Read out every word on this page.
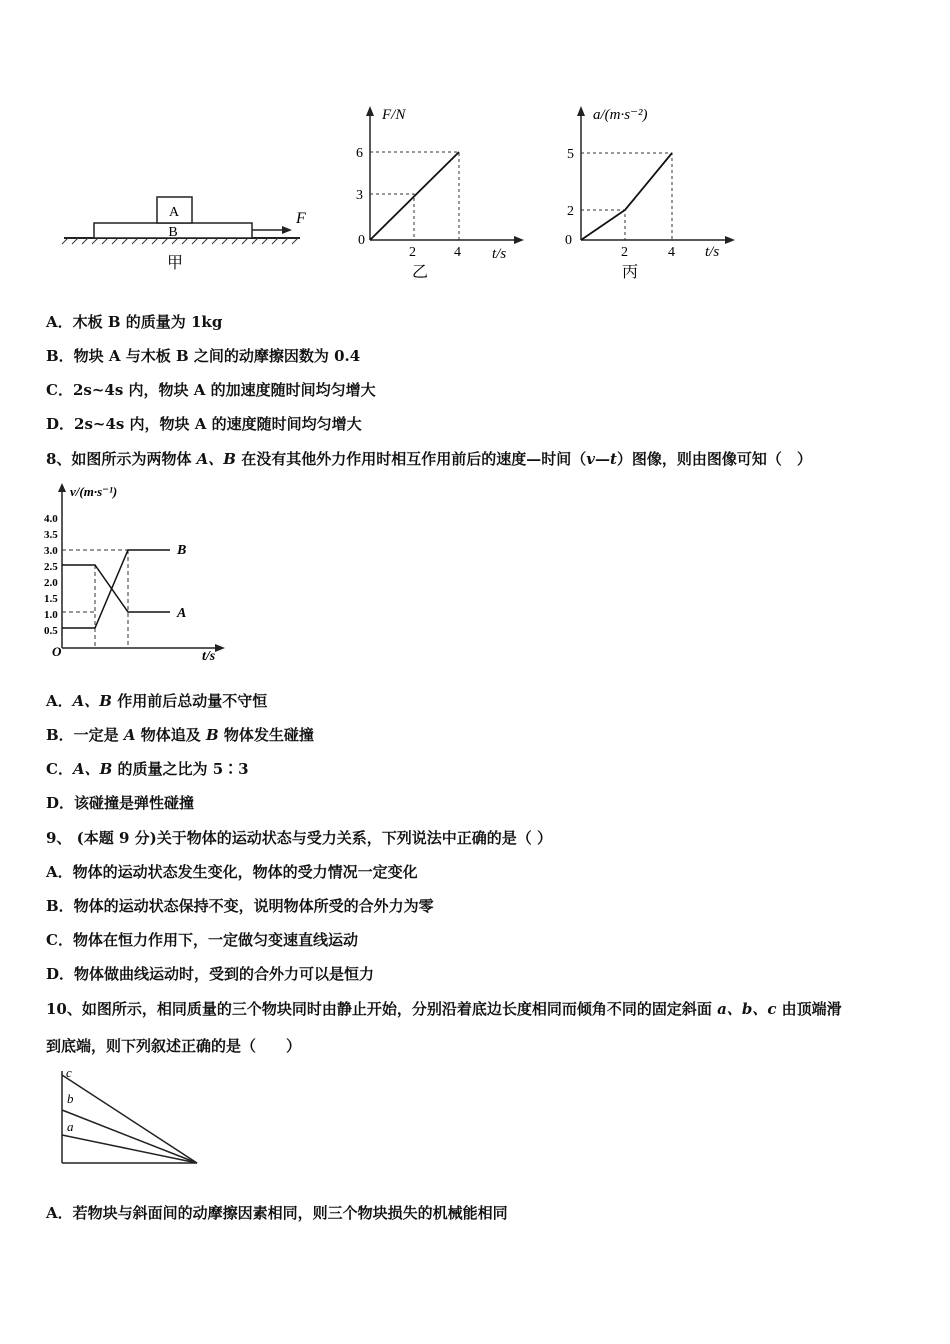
A
B
F
甲
F/N
t/s
0
3
6
2	4
乙
a/(m·s⁻²)
t/s
0
2
5
2	4
丙
A．木板 B 的质量为 1kg
B．物块 A 与木板 B 之间的动摩擦因数为 0.4
C．2s~4s 内，物块 A 的加速度随时间均匀增大
D．2s~4s 内，物块 A 的速度随时间均匀增大
8、如图所示为两物体 A、B 在没有其他外力作用时相互作用前后的速度—时间（v—t）图像，则由图像可知（　）
v/(m·s⁻¹)
t/s
O
4.0
3.5
3.0
2.5
2.0
1.5
1.0
0.5
B
A
A．A、B 作用前后总动量不守恒
B．一定是 A 物体追及 B 物体发生碰撞
C．A、B 的质量之比为 5∶3
D．该碰撞是弹性碰撞
9、 (本题 9 分)关于物体的运动状态与受力关系，下列说法中正确的是（ ）
A．物体的运动状态发生变化，物体的受力情况一定变化
B．物体的运动状态保持不变，说明物体所受的合外力为零
C．物体在恒力作用下，一定做匀变速直线运动
D．物体做曲线运动时，受到的合外力可以是恒力
10、如图所示，相同质量的三个物块同时由静止开始，分别沿着底边长度相同而倾角不同的固定斜面 a、b、c 由顶端滑
到底端，则下列叙述正确的是（　　）
c
b
a
A．若物块与斜面间的动摩擦因素相同，则三个物块损失的机械能相同
